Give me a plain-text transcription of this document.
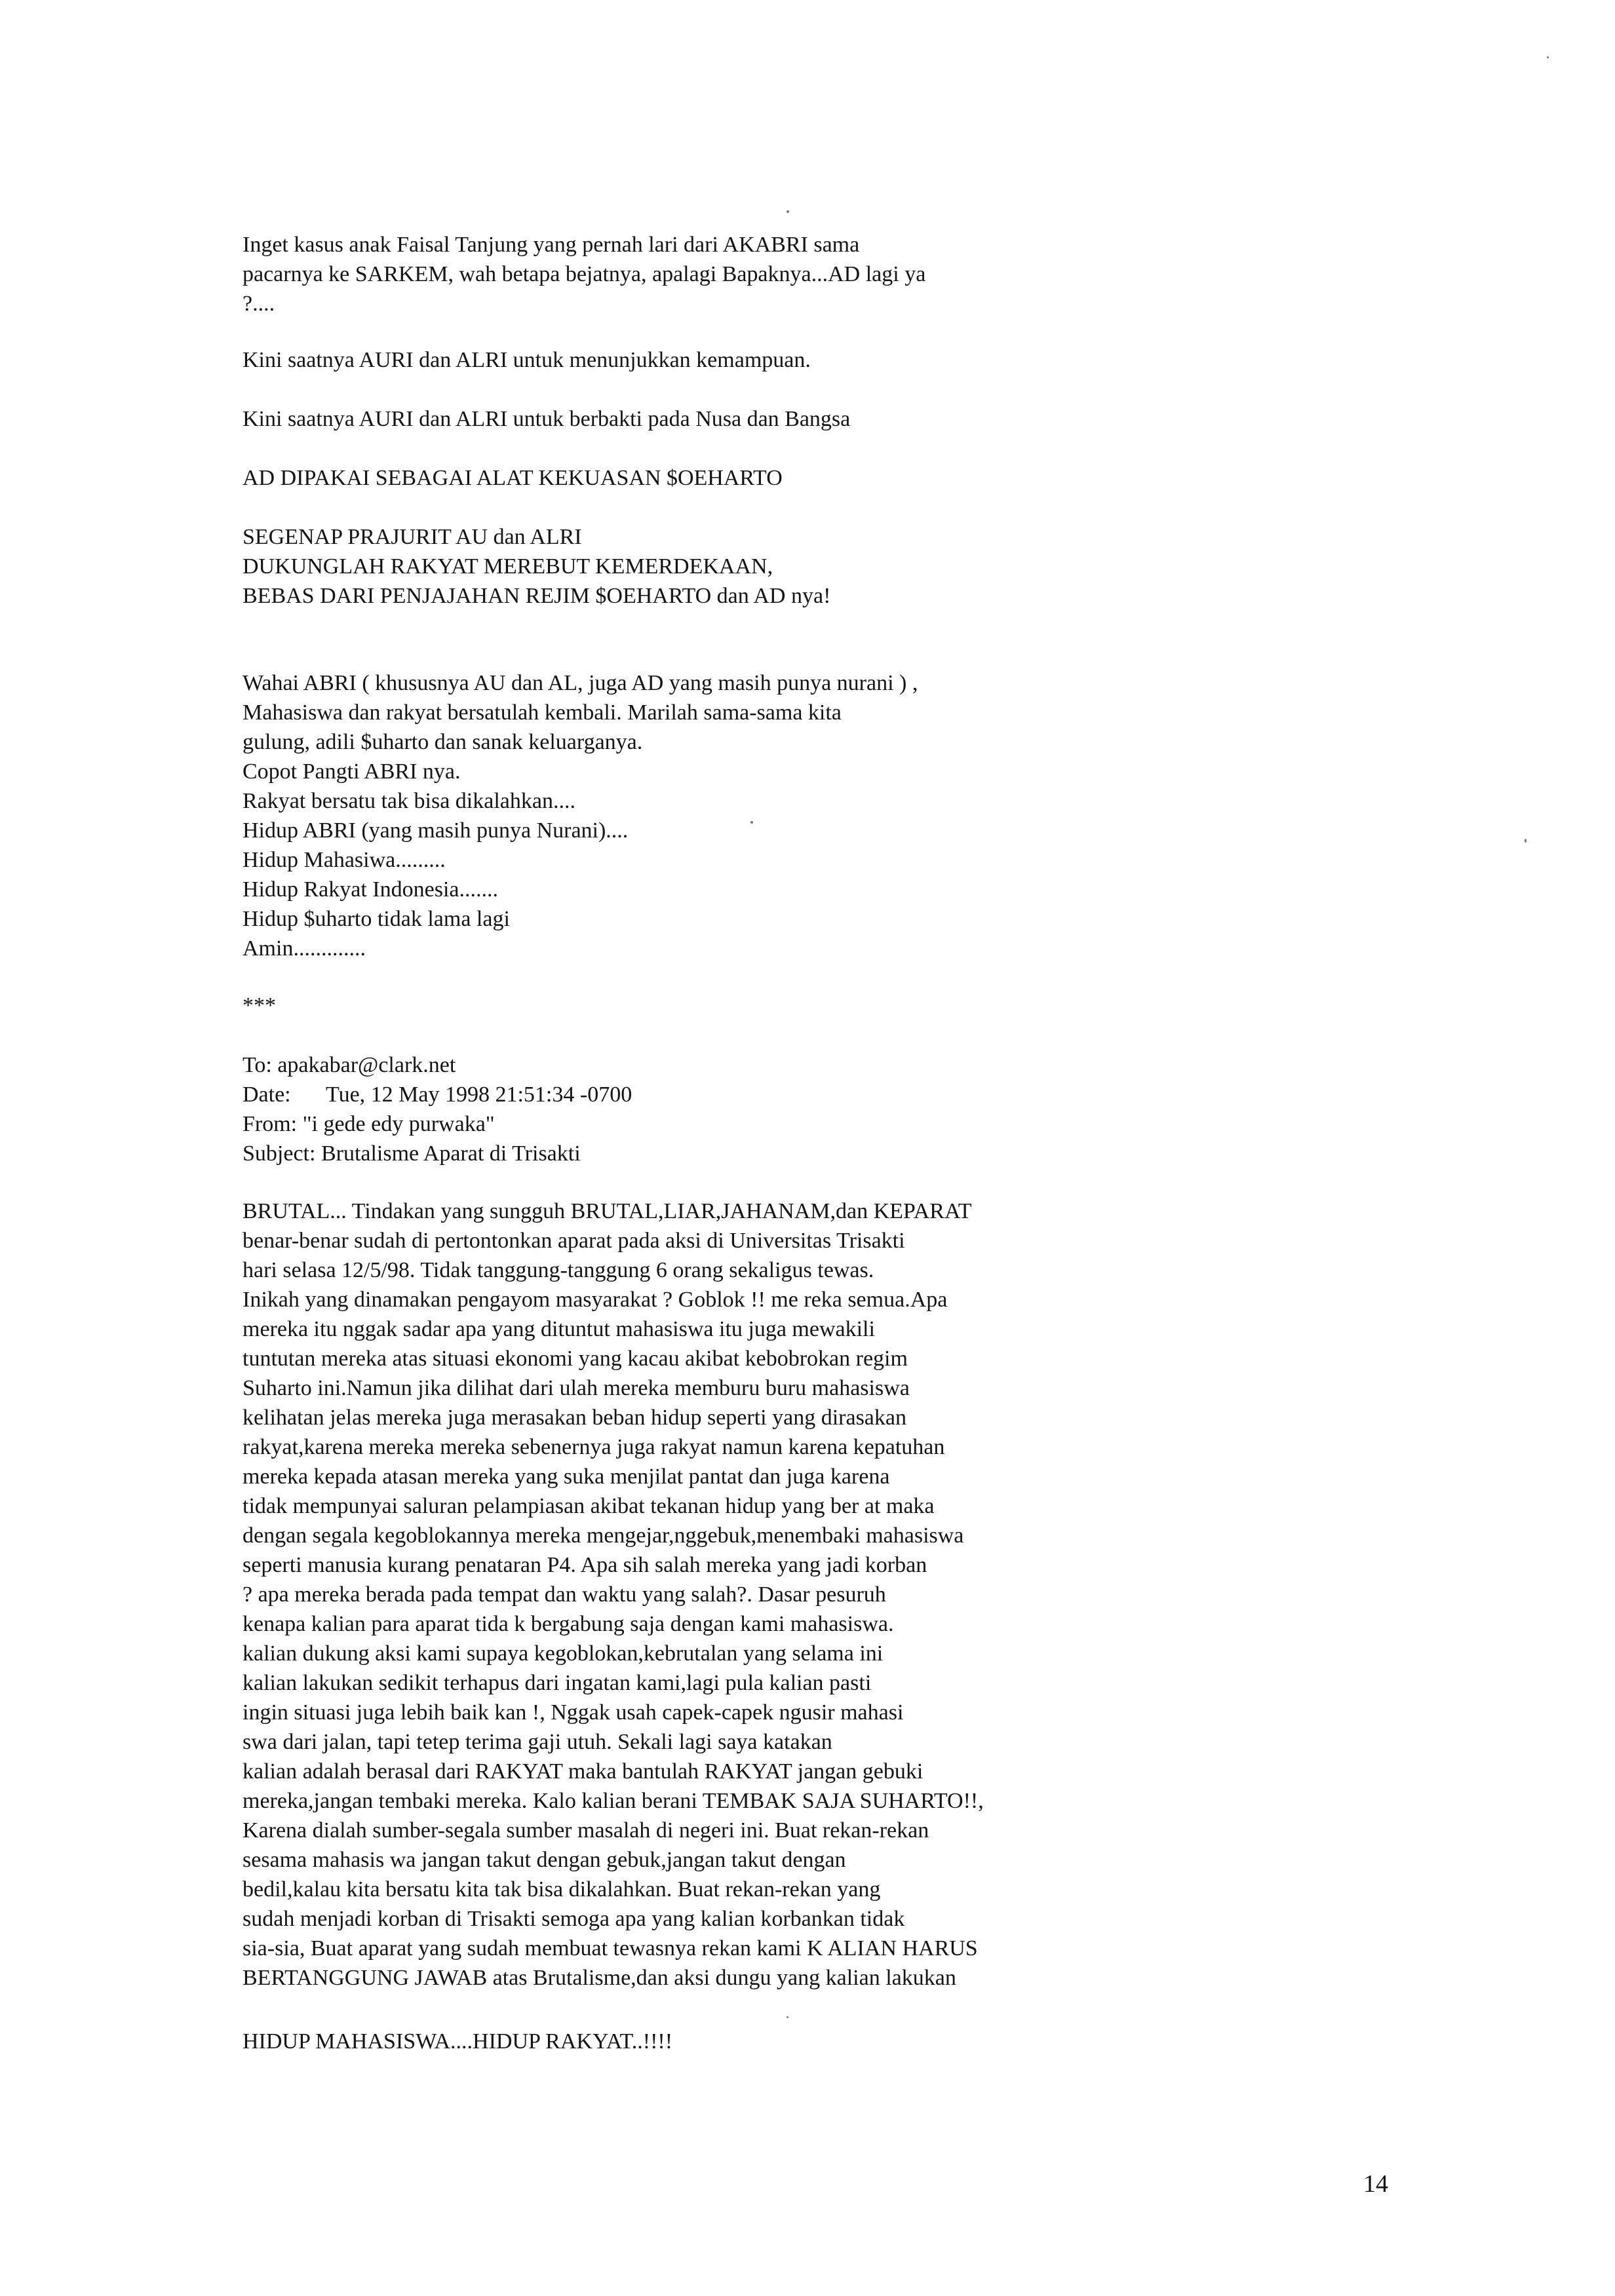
Inget kasus anak Faisal Tanjung yang pernah lari dari AKABRI sama
pacarnya ke SARKEM, wah betapa bejatnya, apalagi Bapaknya...AD lagi ya
?....

Kini saatnya AURI dan ALRI untuk menunjukkan kemampuan.

Kini saatnya AURI dan ALRI untuk berbakti pada Nusa dan Bangsa

AD DIPAKAI SEBAGAI ALAT KEKUASAN $OEHARTO

SEGENAP PRAJURIT AU dan ALRI
DUKUNGLAH RAKYAT MEREBUT KEMERDEKAAN,
BEBAS DARI PENJAJAHAN REJIM $OEHARTO dan AD nya!

Wahai ABRI ( khususnya AU dan AL, juga AD yang masih punya nurani ) ,
Mahasiswa dan rakyat bersatulah kembali. Marilah sama-sama kita
gulung, adili $uharto dan sanak keluarganya.
Copot Pangti ABRI nya.
Rakyat bersatu tak bisa dikalahkan....
Hidup ABRI (yang masih punya Nurani)....
Hidup Mahasiwa.........
Hidup Rakyat Indonesia.......
Hidup $uharto tidak lama lagi
Amin.............

***

To: apakabar@clark.net
Date: Tue, 12 May 1998 21:51:34 -0700
From: "i gede edy purwaka"
Subject: Brutalisme Aparat di Trisakti

BRUTAL... Tindakan yang sungguh BRUTAL,LIAR,JAHANAM,dan KEPARAT
benar-benar sudah di pertontonkan aparat pada aksi di Universitas Trisakti
hari selasa 12/5/98. Tidak tanggung-tanggung 6 orang sekaligus tewas.
Inikah yang dinamakan pengayom masyarakat ? Goblok !! me reka semua.Apa
mereka itu nggak sadar apa yang dituntut mahasiswa itu juga mewakili
tuntutan mereka atas situasi ekonomi yang kacau akibat kebobrokan regim
Suharto ini.Namun jika dilihat dari ulah mereka memburu buru mahasiswa
kelihatan jelas mereka juga merasakan beban hidup seperti yang dirasakan
rakyat,karena mereka mereka sebenernya juga rakyat namun karena kepatuhan
mereka kepada atasan mereka yang suka menjilat pantat dan juga karena
tidak mempunyai saluran pelampiasan akibat tekanan hidup yang ber at maka
dengan segala kegoblokannya mereka mengejar,nggebuk,menembaki mahasiswa
seperti manusia kurang penataran P4. Apa sih salah mereka yang jadi korban
? apa mereka berada pada tempat dan waktu yang salah?. Dasar pesuruh
kenapa kalian para aparat tida k bergabung saja dengan kami mahasiswa.
kalian dukung aksi kami supaya kegoblokan,kebrutalan yang selama ini
kalian lakukan sedikit terhapus dari ingatan kami,lagi pula kalian pasti
ingin situasi juga lebih baik kan !, Nggak usah capek-capek ngusir mahasi
swa dari jalan, tapi tetep terima gaji utuh. Sekali lagi saya katakan
kalian adalah berasal dari RAKYAT maka bantulah RAKYAT jangan gebuki
mereka,jangan tembaki mereka. Kalo kalian berani TEMBAK SAJA SUHARTO!!,
Karena dialah sumber-segala sumber masalah di negeri ini. Buat rekan-rekan
sesama mahasis wa jangan takut dengan gebuk,jangan takut dengan
bedil,kalau kita bersatu kita tak bisa dikalahkan. Buat rekan-rekan yang
sudah menjadi korban di Trisakti semoga apa yang kalian korbankan tidak
sia-sia, Buat aparat yang sudah membuat tewasnya rekan kami K ALIAN HARUS
BERTANGGUNG JAWAB atas Brutalisme,dan aksi dungu yang kalian lakukan

HIDUP MAHASISWA....HIDUP RAKYAT..!!!!

14
